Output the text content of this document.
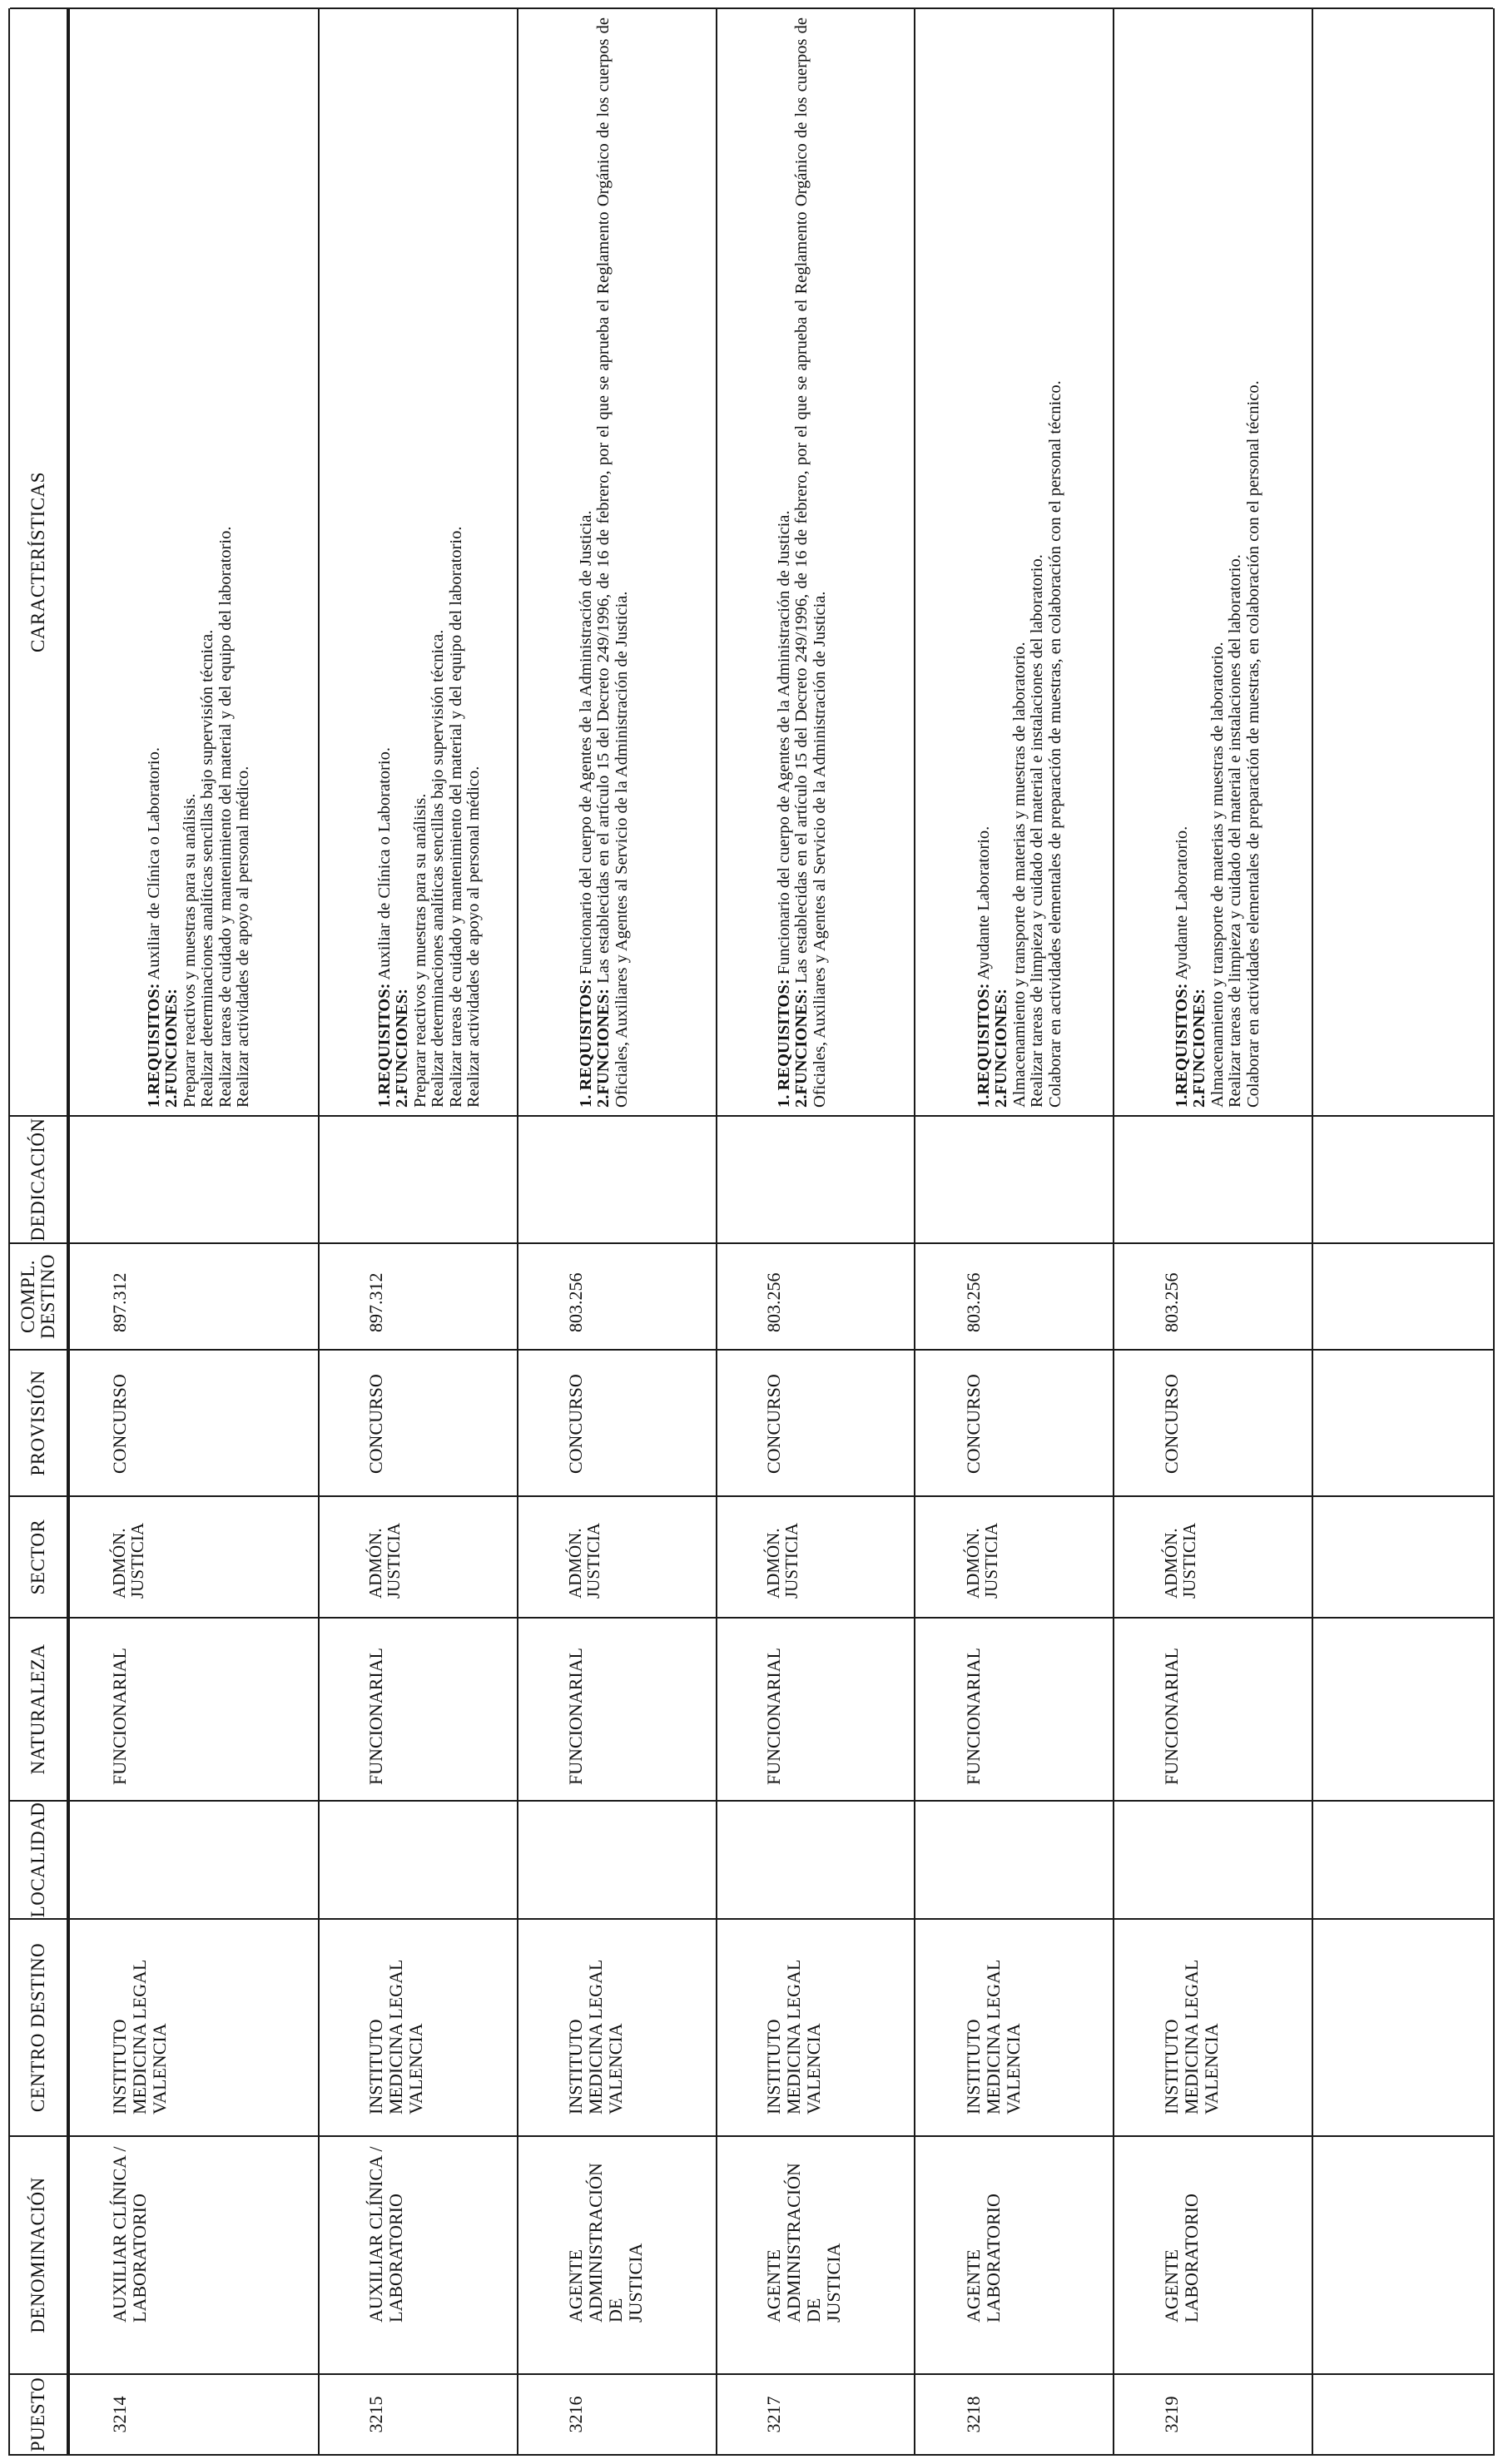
PUESTO
DENOMINACIÓN
CENTRO DESTINO
LOCALIDAD
NATURALEZA
SECTOR
PROVISIÓN
COMPL. DESTINO
DEDICACIÓN
CARACTERÍSTICAS
3214
AUXILIAR CLÍNICA / LABORATORIO
INSTITUTO MEDICINA LEGAL VALENCIA
FUNCIONARIAL
ADMÓN.
JUSTICIA
CONCURSO
897.312

1.REQUISITOS: Auxiliar de Clínica o Laboratorio.

2.FUNCIONES: Preparar reactivos y muestras para su análisis. Realizar determinaciones analíticas sencillas bajo supervisión técnica. Realizar tareas de cuidado y mantenimiento del material y del equipo del laboratorio. Realizar actividades de apoyo al personal médico.

3215
AUXILIAR CLÍNICA / LABORATORIO
INSTITUTO MEDICINA LEGAL VALENCIA
FUNCIONARIAL
ADMÓN.
JUSTICIA
CONCURSO
897.312

1.REQUISITOS: Auxiliar de Clínica o Laboratorio.

2.FUNCIONES: Preparar reactivos y muestras para su análisis. Realizar determinaciones analíticas sencillas bajo supervisión técnica. Realizar tareas de cuidado y mantenimiento del material y del equipo del laboratorio. Realizar actividades de apoyo al personal médico.

3216
AGENTE ADMINISTRACIÓN DE JUSTICIA
INSTITUTO MEDICINA LEGAL VALENCIA
FUNCIONARIAL
ADMÓN.
JUSTICIA
CONCURSO
803.256

1. REQUISITOS: Funcionario del cuerpo de Agentes de la Administración de Justicia.

2.FUNCIONES: Las establecidas en el artículo 15 del Decreto 249/1996, de 16 de febrero, por el que se aprueba el Reglamento Orgánico de los cuerpos de Oficiales, Auxiliares y Agentes al Servicio de la Administración de Justicia.

3217
AGENTE ADMINISTRACIÓN DE JUSTICIA
INSTITUTO MEDICINA LEGAL VALENCIA
FUNCIONARIAL
ADMÓN.
JUSTICIA
CONCURSO
803.256

1. REQUISITOS: Funcionario del cuerpo de Agentes de la Administración de Justicia.

2.FUNCIONES: Las establecidas en el artículo 15 del Decreto 249/1996, de 16 de febrero, por el que se aprueba el Reglamento Orgánico de los cuerpos de Oficiales, Auxiliares y Agentes al Servicio de la Administración de Justicia.

3218
AGENTE LABORATORIO
INSTITUTO MEDICINA LEGAL VALENCIA
FUNCIONARIAL
ADMÓN.
JUSTICIA
CONCURSO
803.256

1.REQUISITOS: Ayudante Laboratorio.

2.FUNCIONES: Almacenamiento y transporte de materias y muestras de laboratorio. Realizar tareas de limpieza y cuidado del material e instalaciones del laboratorio. Colaborar en actividades elementales de preparación de muestras, en colaboración con el personal técnico.

3219
AGENTE LABORATORIO
INSTITUTO MEDICINA LEGAL VALENCIA
FUNCIONARIAL
ADMÓN.
JUSTICIA
CONCURSO
803.256

1.REQUISITOS: Ayudante Laboratorio.

2.FUNCIONES: Almacenamiento y transporte de materias y muestras de laboratorio. Realizar tareas de limpieza y cuidado del material e instalaciones del laboratorio. Colaborar en actividades elementales de preparación de muestras, en colaboración con el personal técnico.
